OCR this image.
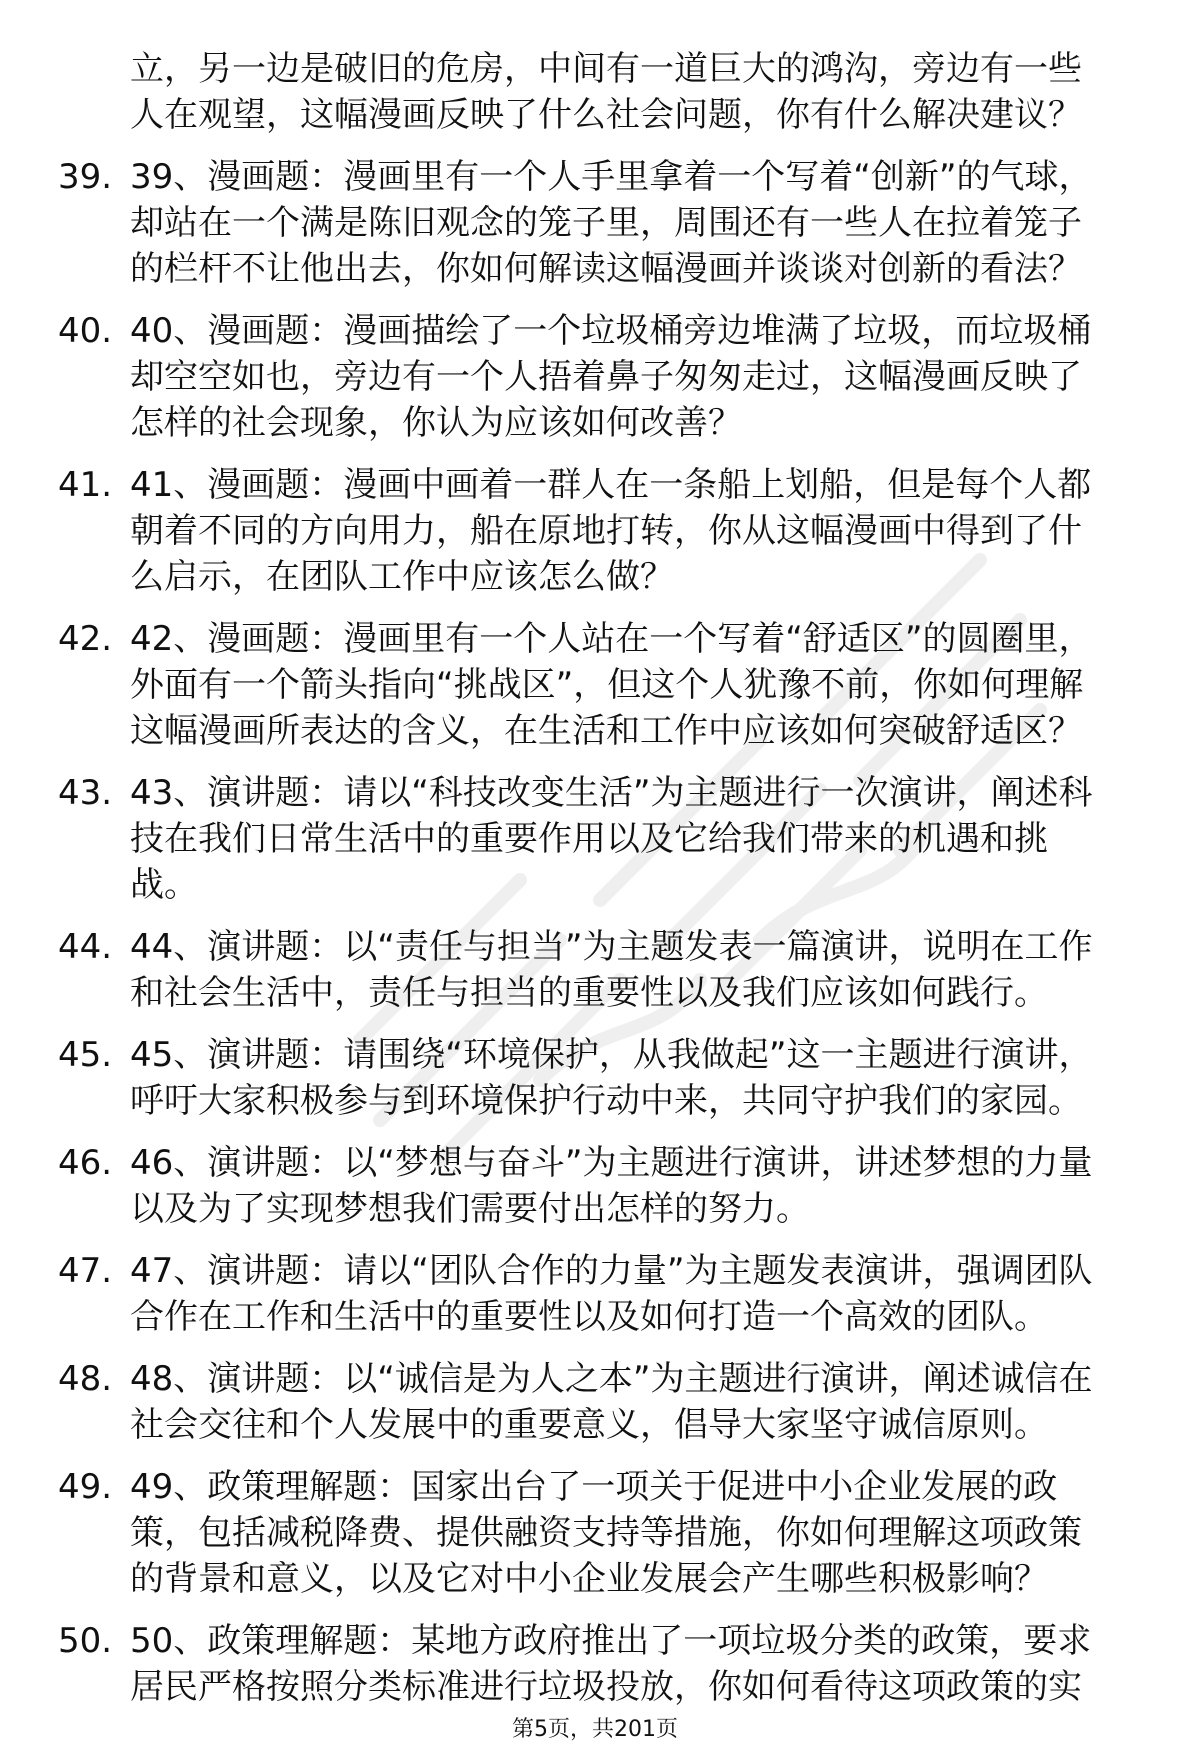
立，另一边是破旧的危房，中间有一道巨大的鸿沟，旁边有一些
人在观望，这幅漫画反映了什么社会问题，你有什么解决建议？
39. 39、漫画题：漫画里有一个人手里拿着一个写着“创新”的气球，
却站在一个满是陈旧观念的笼子里，周围还有一些人在拉着笼子
的栏杆不让他出去，你如何解读这幅漫画并谈谈对创新的看法？
40. 40、漫画题：漫画描绘了一个垃圾桶旁边堆满了垃圾，而垃圾桶
却空空如也，旁边有一个人捂着鼻子匆匆走过，这幅漫画反映了
怎样的社会现象，你认为应该如何改善？
41. 41、漫画题：漫画中画着一群人在一条船上划船，但是每个人都
朝着不同的方向用力，船在原地打转，你从这幅漫画中得到了什
么启示，在团队工作中应该怎么做？
42. 42、漫画题：漫画里有一个人站在一个写着“舒适区”的圆圈里，
外面有一个箭头指向“挑战区”，但这个人犹豫不前，你如何理解
这幅漫画所表达的含义，在生活和工作中应该如何突破舒适区？
43. 43、演讲题：请以“科技改变生活”为主题进行一次演讲，阐述科
技在我们日常生活中的重要作用以及它给我们带来的机遇和挑
战。
44. 44、演讲题：以“责任与担当”为主题发表一篇演讲，说明在工作
和社会生活中，责任与担当的重要性以及我们应该如何践行。
45. 45、演讲题：请围绕“环境保护，从我做起”这一主题进行演讲，
呼吁大家积极参与到环境保护行动中来，共同守护我们的家园。
46. 46、演讲题：以“梦想与奋斗”为主题进行演讲，讲述梦想的力量
以及为了实现梦想我们需要付出怎样的努力。
47. 47、演讲题：请以“团队合作的力量”为主题发表演讲，强调团队
合作在工作和生活中的重要性以及如何打造一个高效的团队。
48. 48、演讲题：以“诚信是为人之本”为主题进行演讲，阐述诚信在
社会交往和个人发展中的重要意义，倡导大家坚守诚信原则。
49. 49、政策理解题：国家出台了一项关于促进中小企业发展的政
策，包括减税降费、提供融资支持等措施，你如何理解这项政策
的背景和意义，以及它对中小企业发展会产生哪些积极影响？
50. 50、政策理解题：某地方政府推出了一项垃圾分类的政策，要求
居民严格按照分类标准进行垃圾投放，你如何看待这项政策的实
第5页，共201页
